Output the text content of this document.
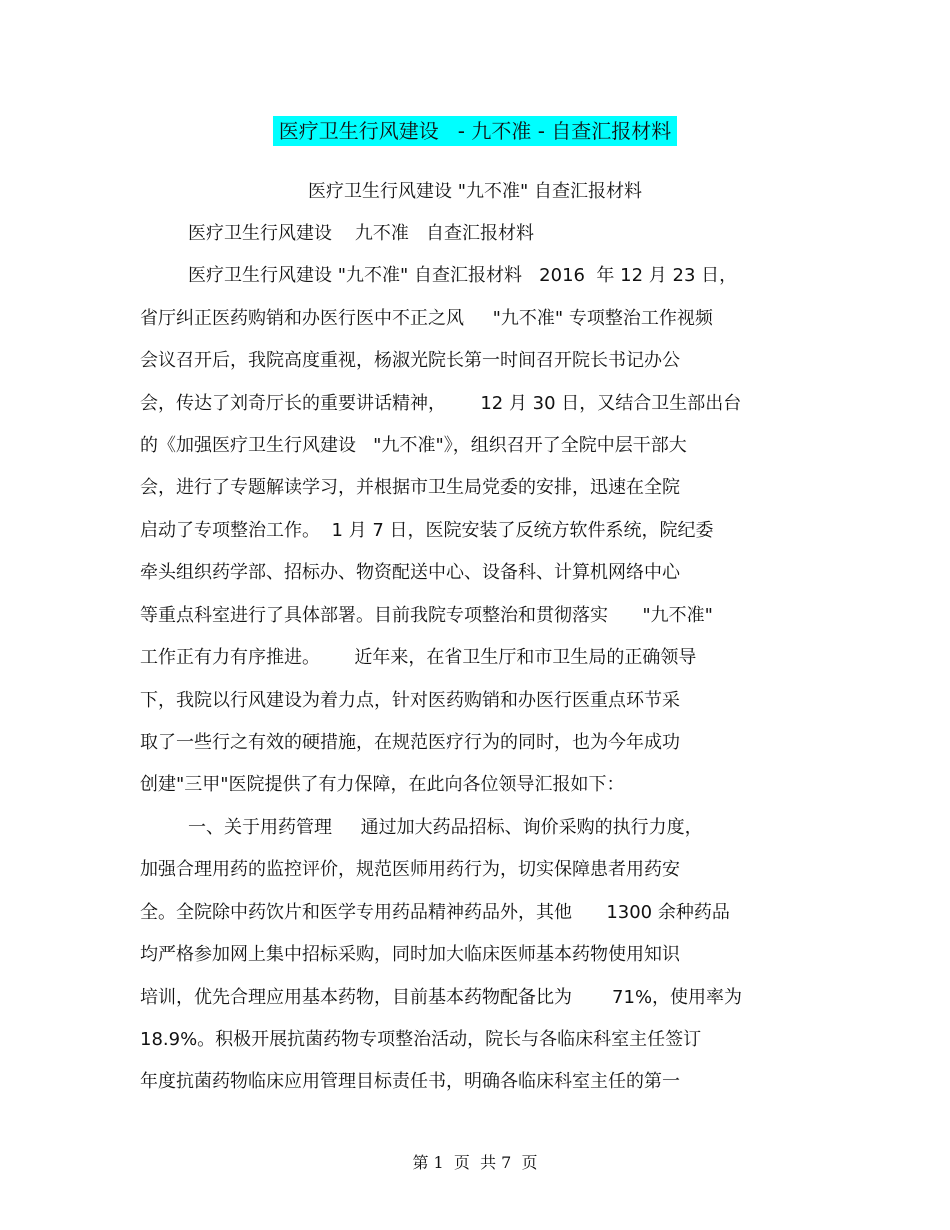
医疗卫生行风建设   - 九不准 - 自查汇报材料
医疗卫生行风建设 "九不准" 自查汇报材料
医疗卫生行风建设    九不准   自查汇报材料
医疗卫生行风建设 "九不准" 自查汇报材料   2016  年 12 月 23 日，
省厅纠正医药购销和办医行医中不正之风     "九不准" 专项整治工作视频
会议召开后，我院高度重视，杨淑光院长第一时间召开院长书记办公
会，传达了刘奇厅长的重要讲话精神，      12 月 30 日，又结合卫生部出台
的《加强医疗卫生行风建设   "九不准"》，组织召开了全院中层干部大
会，进行了专题解读学习，并根据市卫生局党委的安排，迅速在全院
启动了专项整治工作。  1 月 7 日，医院安装了反统方软件系统，院纪委
牵头组织药学部、招标办、物资配送中心、设备科、计算机网络中心
等重点科室进行了具体部署。目前我院专项整治和贯彻落实      "九不准"
工作正有力有序推进。      近年来，在省卫生厅和市卫生局的正确领导
下，我院以行风建设为着力点，针对医药购销和办医行医重点环节采
取了一些行之有效的硬措施，在规范医疗行为的同时，也为今年成功
创建"三甲"医院提供了有力保障，在此向各位领导汇报如下：
一、关于用药管理     通过加大药品招标、询价采购的执行力度，
加强合理用药的监控评价，规范医师用药行为，切实保障患者用药安
全。全院除中药饮片和医学专用药品精神药品外，其他      1300 余种药品
均严格参加网上集中招标采购，同时加大临床医师基本药物使用知识
培训，优先合理应用基本药物，目前基本药物配备比为       71%，使用率为
18.9%。积极开展抗菌药物专项整治活动，院长与各临床科室主任签订
年度抗菌药物临床应用管理目标责任书，明确各临床科室主任的第一
第 1  页  共 7  页
